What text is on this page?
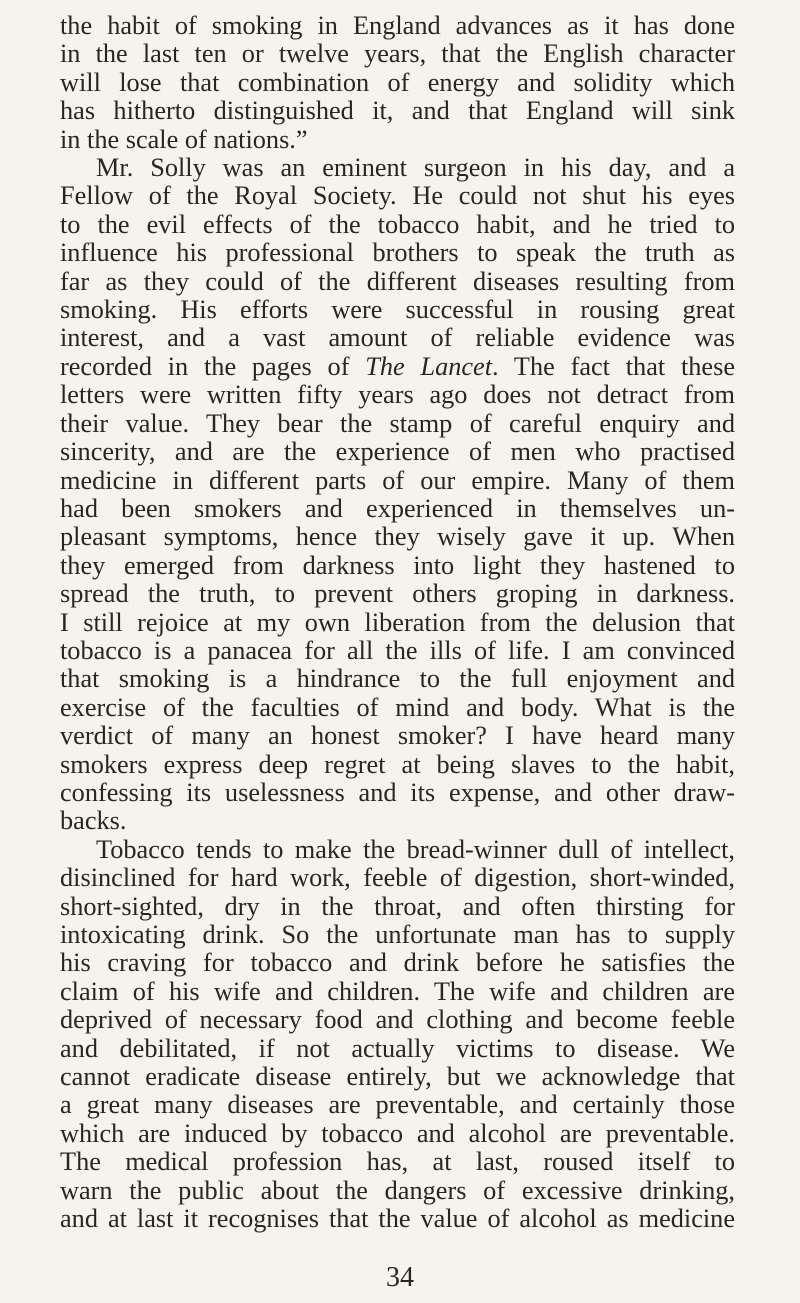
the habit of smoking in England advances as it has done
in the last ten or twelve years, that the English character
will lose that combination of energy and solidity which
has hitherto distinguished it, and that England will sink
in the scale of nations.”
Mr. Solly was an eminent surgeon in his day, and a
Fellow of the Royal Society. He could not shut his eyes
to the evil effects of the tobacco habit, and he tried to
influence his professional brothers to speak the truth as
far as they could of the different diseases resulting from
smoking. His efforts were successful in rousing great
interest, and a vast amount of reliable evidence was
recorded in the pages of The Lancet. The fact that these
letters were written fifty years ago does not detract from
their value. They bear the stamp of careful enquiry and
sincerity, and are the experience of men who practised
medicine in different parts of our empire. Many of them
had been smokers and experienced in themselves un-
pleasant symptoms, hence they wisely gave it up. When
they emerged from darkness into light they hastened to
spread the truth, to prevent others groping in darkness.
I still rejoice at my own liberation from the delusion that
tobacco is a panacea for all the ills of life. I am convinced
that smoking is a hindrance to the full enjoyment and
exercise of the faculties of mind and body. What is the
verdict of many an honest smoker? I have heard many
smokers express deep regret at being slaves to the habit,
confessing its uselessness and its expense, and other draw-
backs.
Tobacco tends to make the bread-winner dull of intellect,
disinclined for hard work, feeble of digestion, short-winded,
short-sighted, dry in the throat, and often thirsting for
intoxicating drink. So the unfortunate man has to supply
his craving for tobacco and drink before he satisfies the
claim of his wife and children. The wife and children are
deprived of necessary food and clothing and become feeble
and debilitated, if not actually victims to disease. We
cannot eradicate disease entirely, but we acknowledge that
a great many diseases are preventable, and certainly those
which are induced by tobacco and alcohol are preventable.
The medical profession has, at last, roused itself to
warn the public about the dangers of excessive drinking,
and at last it recognises that the value of alcohol as medicine
34
